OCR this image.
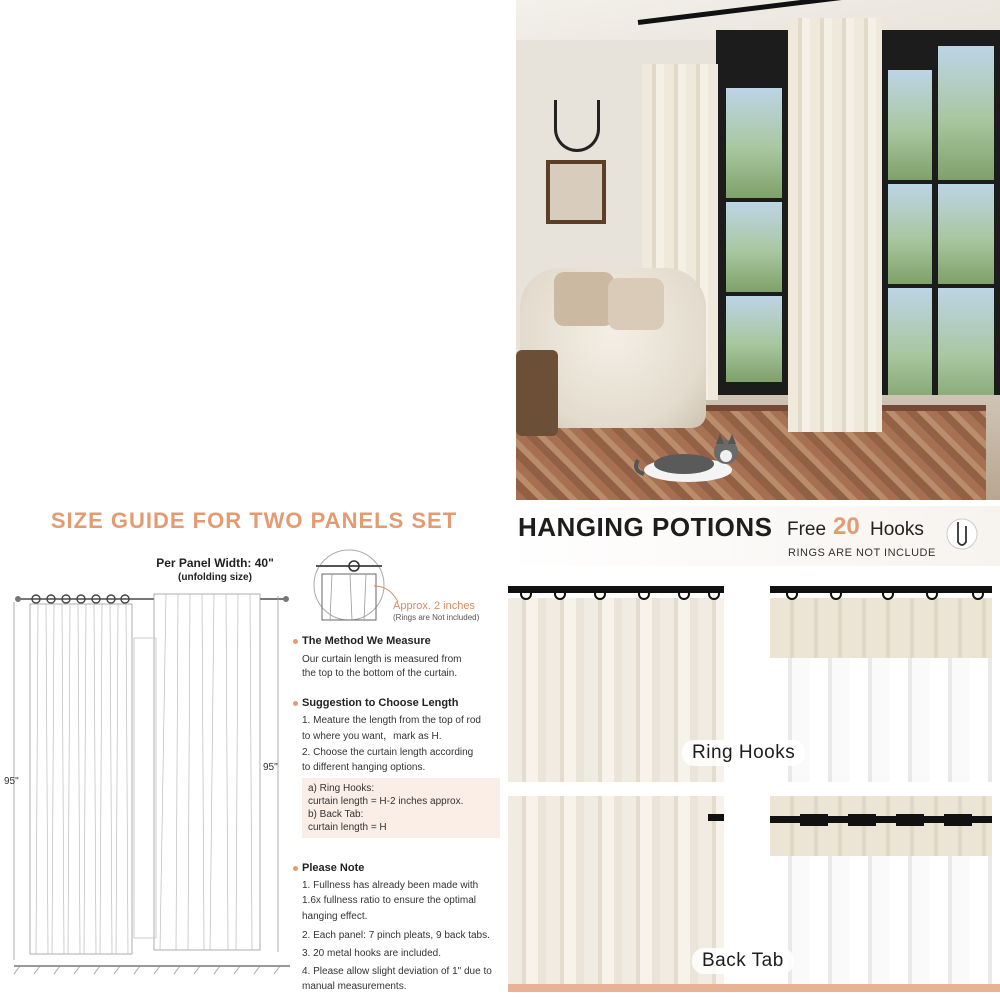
SIZE GUIDE FOR TWO PANELS SET
Per Panel Width: 40"
(unfolding size)
95"
95"
Approx. 2 inches
(Rings are Not included)
The Method We Measure
Our curtain length is measured from
the top to the bottom of the curtain.
Suggestion to Choose Length
1. Meature the length from the top of rod
to where you want，mark as H.
2. Choose the curtain length according
to different hanging options.
a) Ring Hooks:
curtain length = H-2 inches approx.
b) Back Tab:
curtain length = H
Please Note
1. Fullness has already been made with
1.6x fullness ratio to ensure the optimal
hanging effect.
2. Each panel: 7 pinch pleats, 9 back tabs.
3. 20 metal hooks are included.
4. Please allow slight deviation of 1" due to
manual measurements.
HANGING POTIONS Free 20 Hooks
RINGS ARE NOT INCLUDE
Ring Hooks
Back Tab
